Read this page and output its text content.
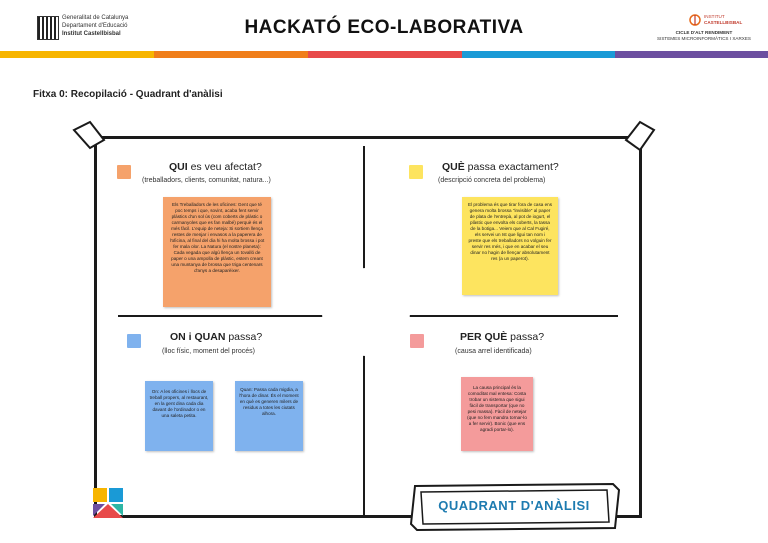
Generalitat de Catalunya
Departament d'Educació
Institut Castellbisbal	HACKATÓ ECO-LABORATIVA
INSTITUT
CASTELLBISBAL
CICLE D'ALT RENDIMENT
SISTEMES MICROINFORMÀTICS I XARXES
Fitxa 0: Recopilació - Quadrant d'anàlisi
QUI es veu afectat?
(treballadors, clients, comunitat, natura...)
Els Treballadors de les oficines: Gent que té poc temps i que, sovint, acaba fent servir plàstics d'un sol ús (com coberts de plàstic o carmanyoles que es fan malbé) perquè és el més fàcil. L'equip de neteja: Si sortiem llença restes de menjar i envasos a la paperera de l'oficina, al final del dia hi ha molta brossa i pot fer mala olor. La Natura (el nostre planeta): Cada vegada que algú llença un tovalló de paper o una ampolla de plàstic, estem creant una muntanya de brossa que triga centenars d'anys a desaparèixer.
QUÈ passa exactament?
(descripció concreta del problema)
El problema és que tirar fora de casa ens genera molta brossa "invisible" al paper de plata de l'entrepà, al pot de iogurt, el plàstic que envolta els coberts, la tassa de la botiga... Veiem que al Cal Fugiré, els servei un Ist que ligui tan nom i preste que els treballadors no volguin fer servir res més, i que en acabar el seu dinar no hagin de llençar absolutament res (a un paperot).
ON i QUAN passa?
(lloc físic, moment del procés)
On: A les oficines i llocs de treball propers, al restaurant, en la gent dina cada dia davant de l'ordinador o en una saleta petita.
Quan: Passa cada migdia, a l'hora de dinar. És el moment en què es generen milers de residus a totes les ciutats alhora.
PER QUÈ passa?
(causa arrel identificada)
La causa principal és la comoditat mal entesa: Costa trobar un sistema que sigui fàcil de transportar (que no pesi massa). Fàcil de netejar (que no fem mandra tornar-lo a fer servir). Bonic (que ens agradi portar-lo).
QUADRANT D'ANÀLISI
